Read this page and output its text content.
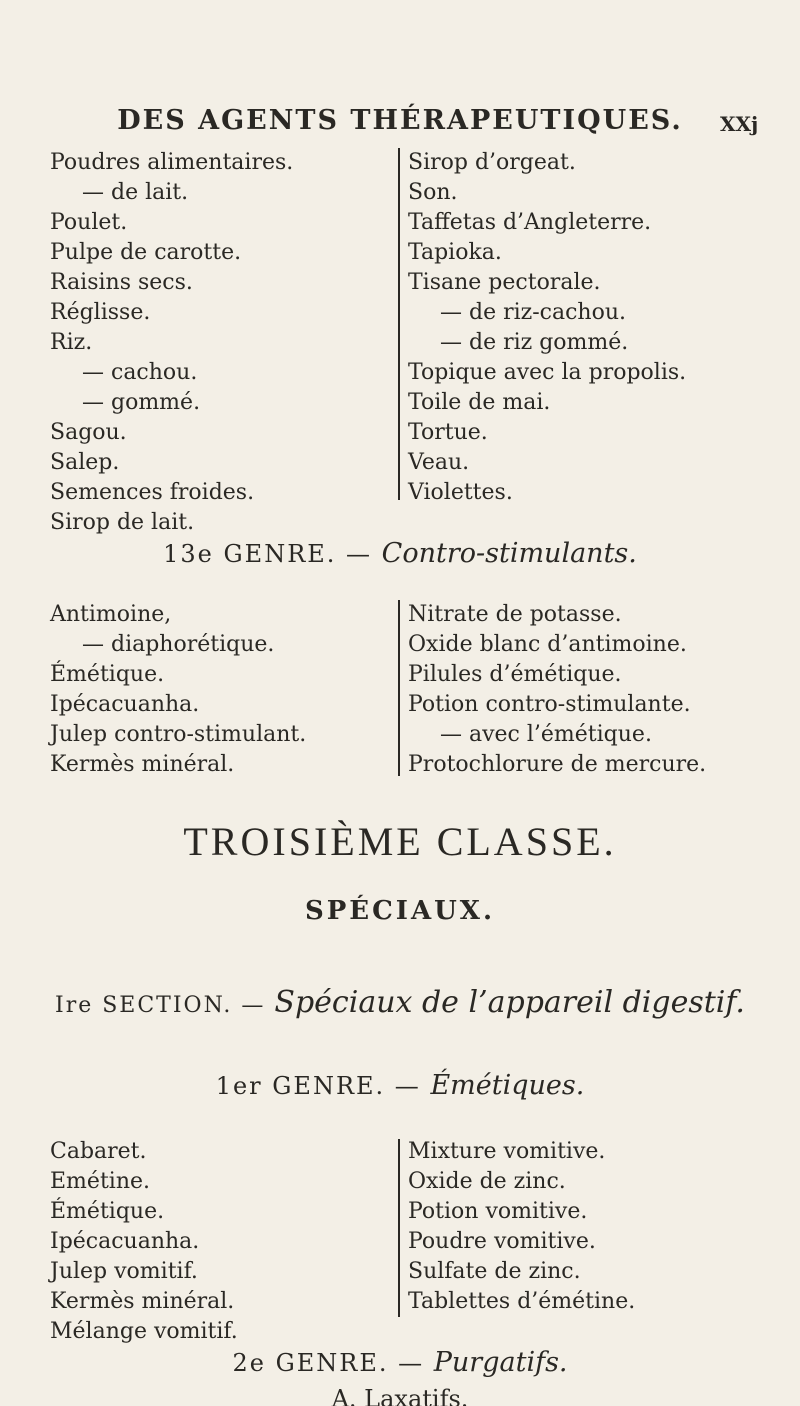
DES AGENTS THÉRAPEUTIQUES.	XXj
Poudres alimentaires.
— de lait.
Poulet.
Pulpe de carotte.
Raisins secs.
Réglisse.
Riz.
— cachou.
— gommé.
Sagou.
Salep.
Semences froides.
Sirop de lait.
Sirop d’orgeat.
Son.
Taffetas d’Angleterre.
Tapioka.
Tisane pectorale.
— de riz-cachou.
— de riz gommé.
Topique avec la propolis.
Toile de mai.
Tortue.
Veau.
Violettes.
13e GENRE. — Contro-stimulants.
Antimoine,
— diaphorétique.
Émétique.
Ipécacuanha.
Julep contro-stimulant.
Kermès minéral.
Nitrate de potasse.
Oxide blanc d’antimoine.
Pilules d’émétique.
Potion contro-stimulante.
— avec l’émétique.
Protochlorure de mercure.
TROISIÈME CLASSE.
SPÉCIAUX.
Ire SECTION. — Spéciaux de l’appareil digestif.
1er GENRE. — Émétiques.
Cabaret.
Emétine.
Émétique.
Ipécacuanha.
Julep vomitif.
Kermès minéral.
Mélange vomitif.
Mixture vomitive.
Oxide de zinc.
Potion vomitive.
Poudre vomitive.
Sulfate de zinc.
Tablettes d’émétine.
2e GENRE. — Purgatifs.
A. Laxatifs.
